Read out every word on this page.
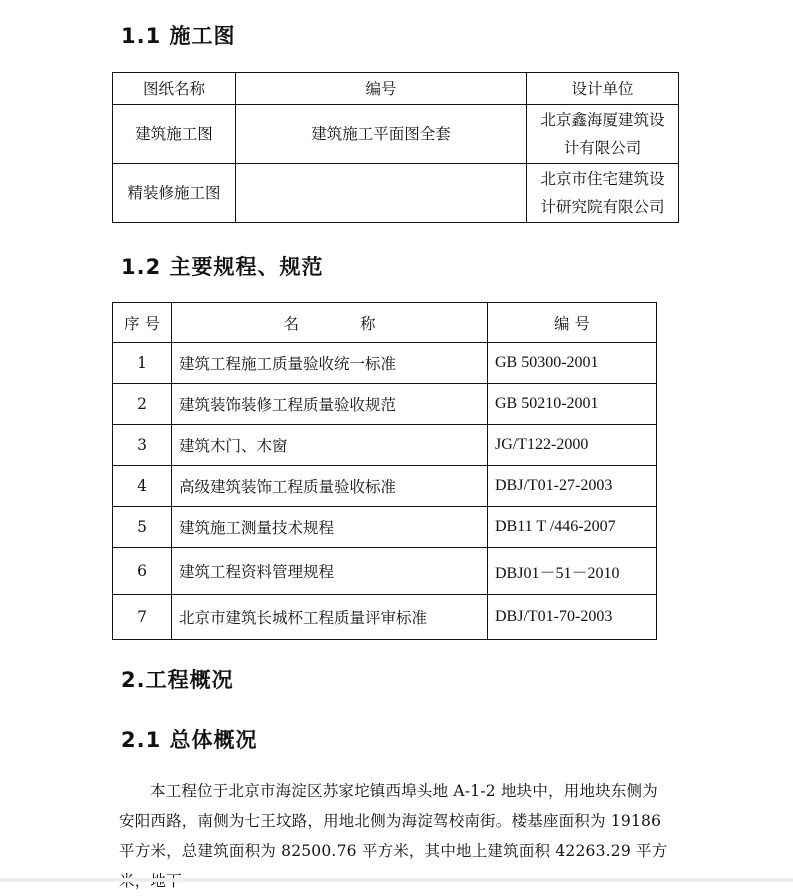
1.1 施工图
图纸名称	编号	设计单位
建筑施工图	建筑施工平面图全套	北京鑫海厦建筑设
计有限公司

精装修施工图		北京市住宅建筑设
计研究院有限公司
1.2 主要规程、规范
序 号	名 称	编 号
1	建筑工程施工质量验收统一标准	GB 50300-2001
2	建筑装饰装修工程质量验收规范	GB 50210-2001
3	建筑木门、木窗	JG/T122-2000
4	高级建筑装饰工程质量验收标准	DBJ/T01-27-2003
5	建筑施工测量技术规程	DB11 T /446-2007
6	建筑工程资料管理规程	DBJ01－51－2010
7	北京市建筑长城杯工程质量评审标准	DBJ/T01-70-2003
2.工程概况
2.1 总体概况

本工程位于北京市海淀区苏家坨镇西埠头地 A-1-2 地块中，用地块东侧为安阳西路，南侧为七王坟路，用地北侧为海淀驾校南街。楼基座面积为 19186 平方米，总建筑面积为 82500.76 平方米，其中地上建筑面积 42263.29 平方
